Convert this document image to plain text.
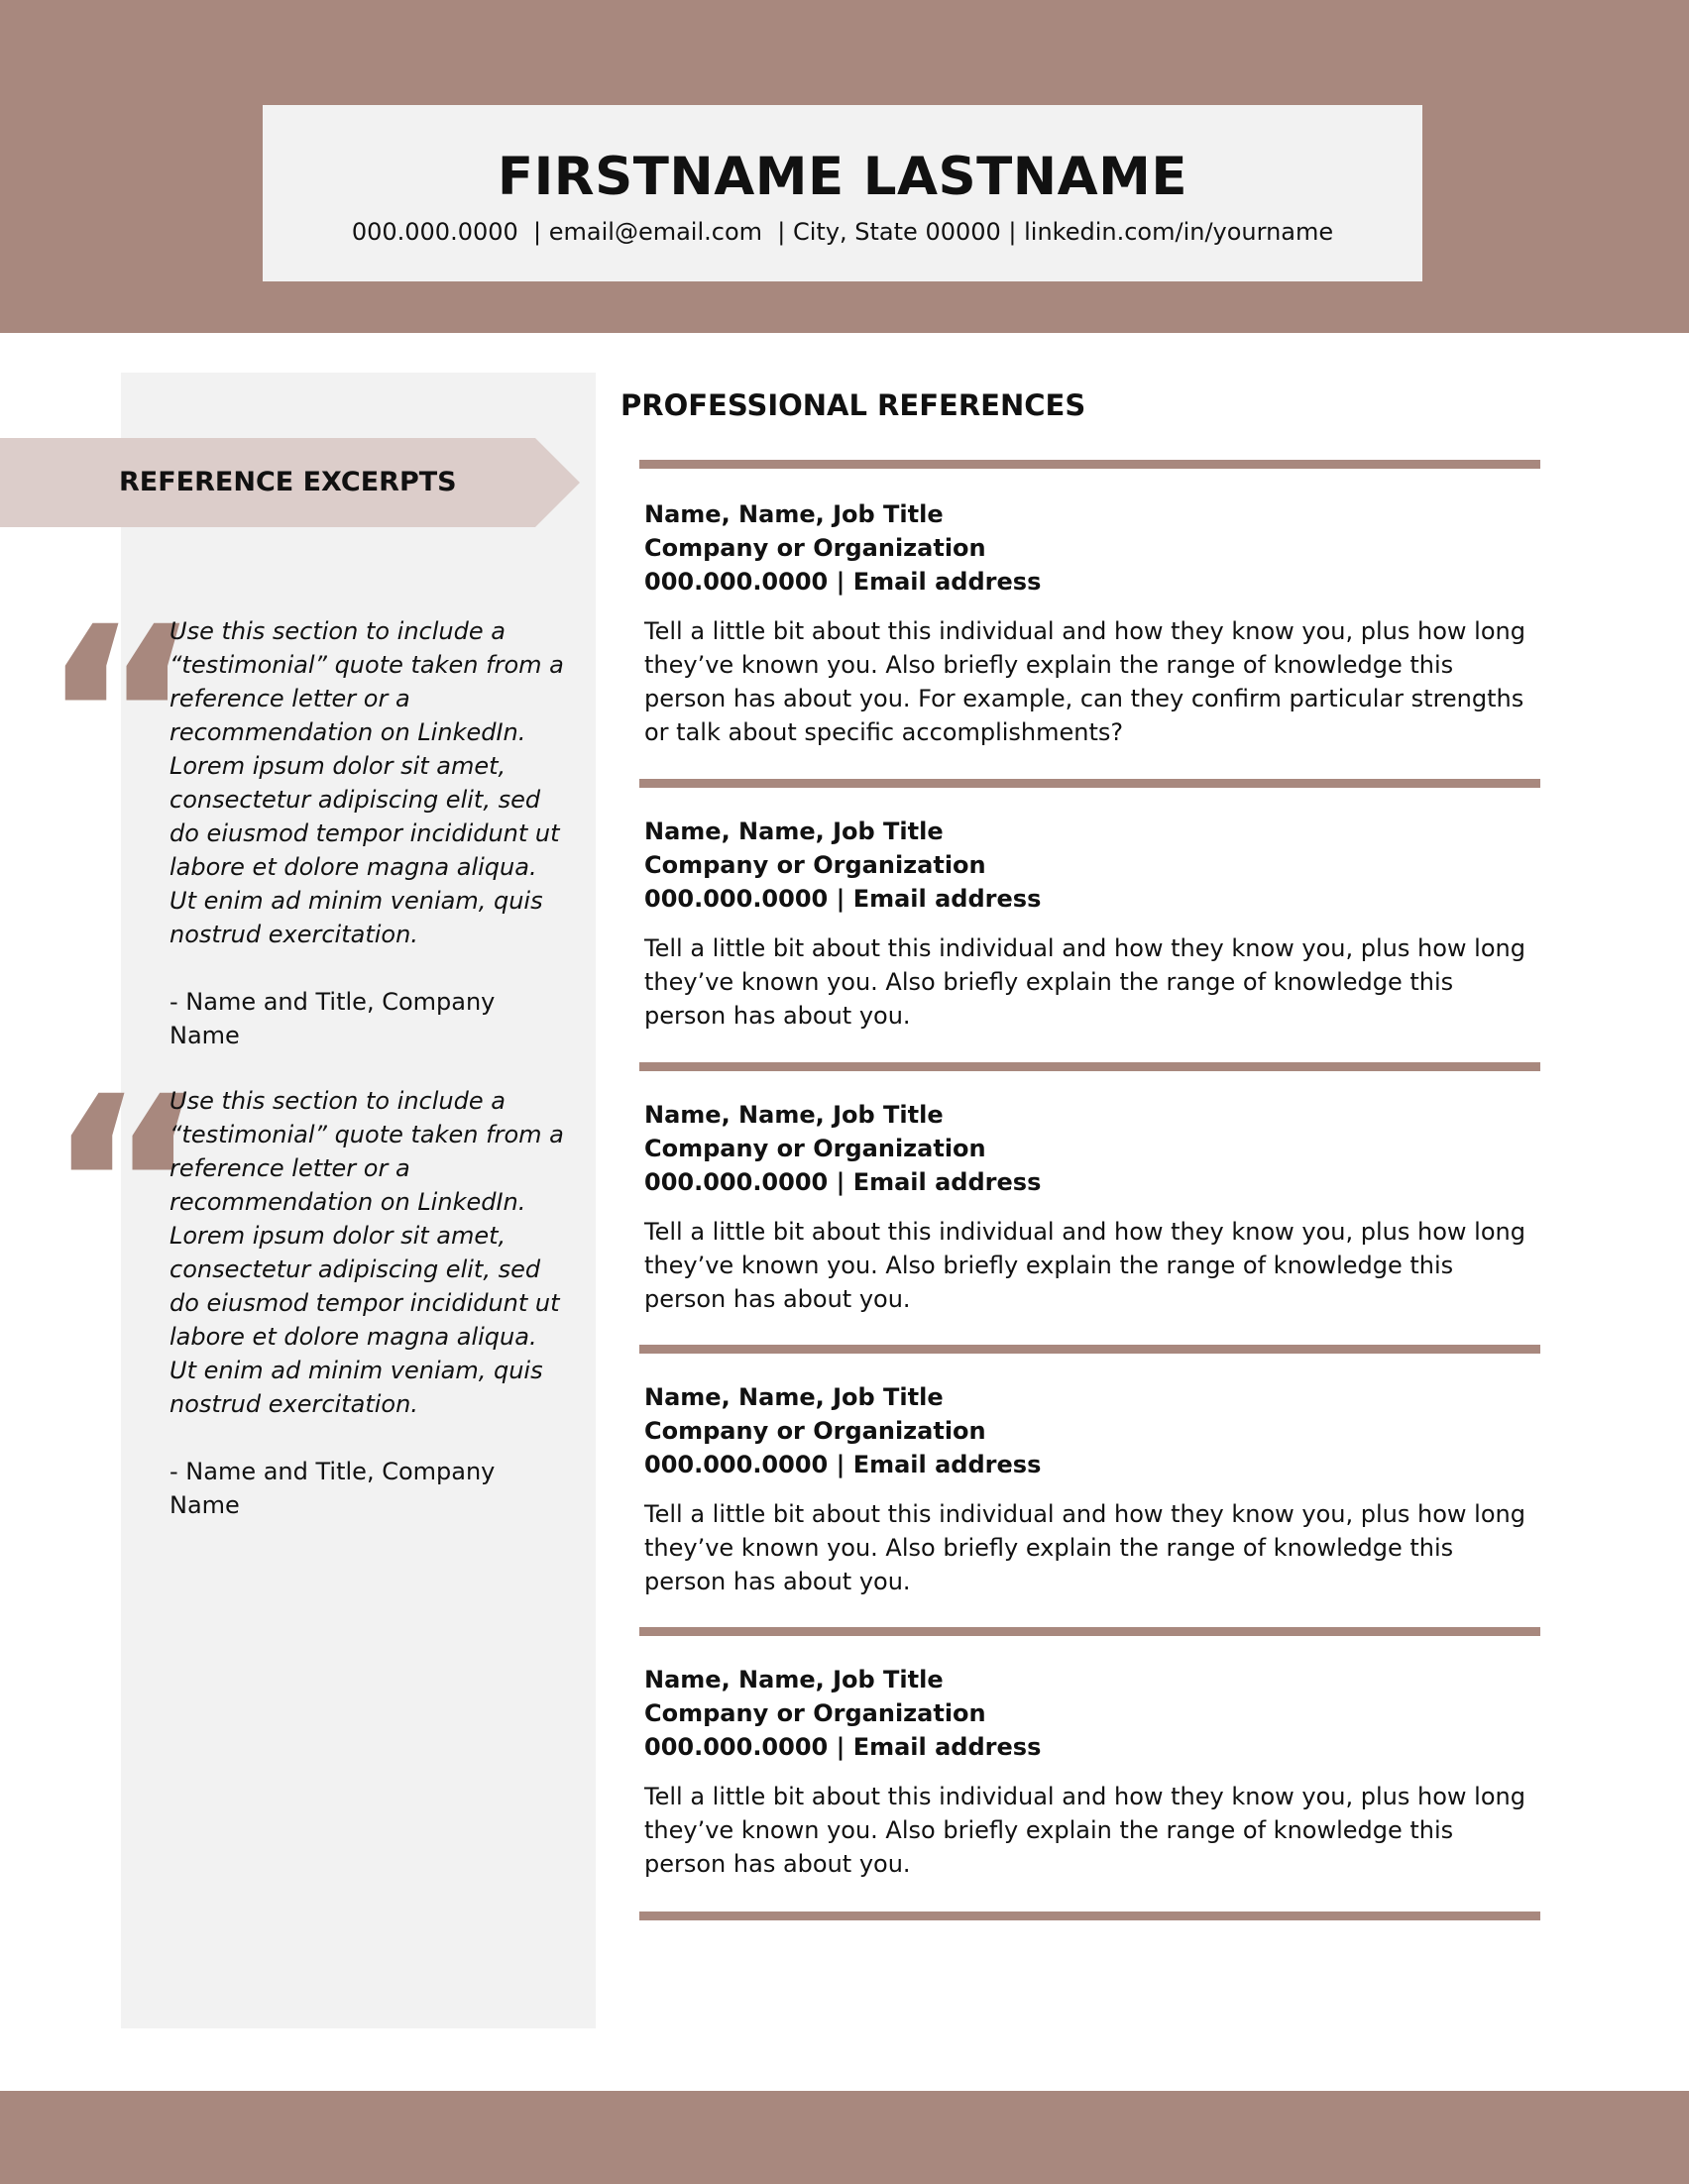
FIRSTNAME LASTNAME
000.000.0000  | email@email.com  | City, State 00000 | linkedin.com/in/yourname
REFERENCE EXCERPTS
“
Use this section to include a “testimonial” quote taken from a reference letter or a recommendation on LinkedIn. Lorem ipsum dolor sit amet, consectetur adipiscing elit, sed do eiusmod tempor incididunt ut labore et dolore magna aliqua. Ut enim ad minim veniam, quis nostrud exercitation.
- Name and Title, Company Name
“
Use this section to include a “testimonial” quote taken from a reference letter or a recommendation on LinkedIn. Lorem ipsum dolor sit amet, consectetur adipiscing elit, sed do eiusmod tempor incididunt ut labore et dolore magna aliqua. Ut enim ad minim veniam, quis nostrud exercitation.
- Name and Title, Company Name
PROFESSIONAL REFERENCES
Name, Name, Job Title
Company or Organization
000.000.0000 | Email address
Tell a little bit about this individual and how they know you, plus how long they’ve known you. Also briefly explain the range of knowledge this person has about you. For example, can they confirm particular strengths or talk about specific accomplishments?
Name, Name, Job Title
Company or Organization
000.000.0000 | Email address
Tell a little bit about this individual and how they know you, plus how long they’ve known you. Also briefly explain the range of knowledge this person has about you.
Name, Name, Job Title
Company or Organization
000.000.0000 | Email address
Tell a little bit about this individual and how they know you, plus how long they’ve known you. Also briefly explain the range of knowledge this person has about you.
Name, Name, Job Title
Company or Organization
000.000.0000 | Email address
Tell a little bit about this individual and how they know you, plus how long they’ve known you. Also briefly explain the range of knowledge this person has about you.
Name, Name, Job Title
Company or Organization
000.000.0000 | Email address
Tell a little bit about this individual and how they know you, plus how long they’ve known you. Also briefly explain the range of knowledge this person has about you.
